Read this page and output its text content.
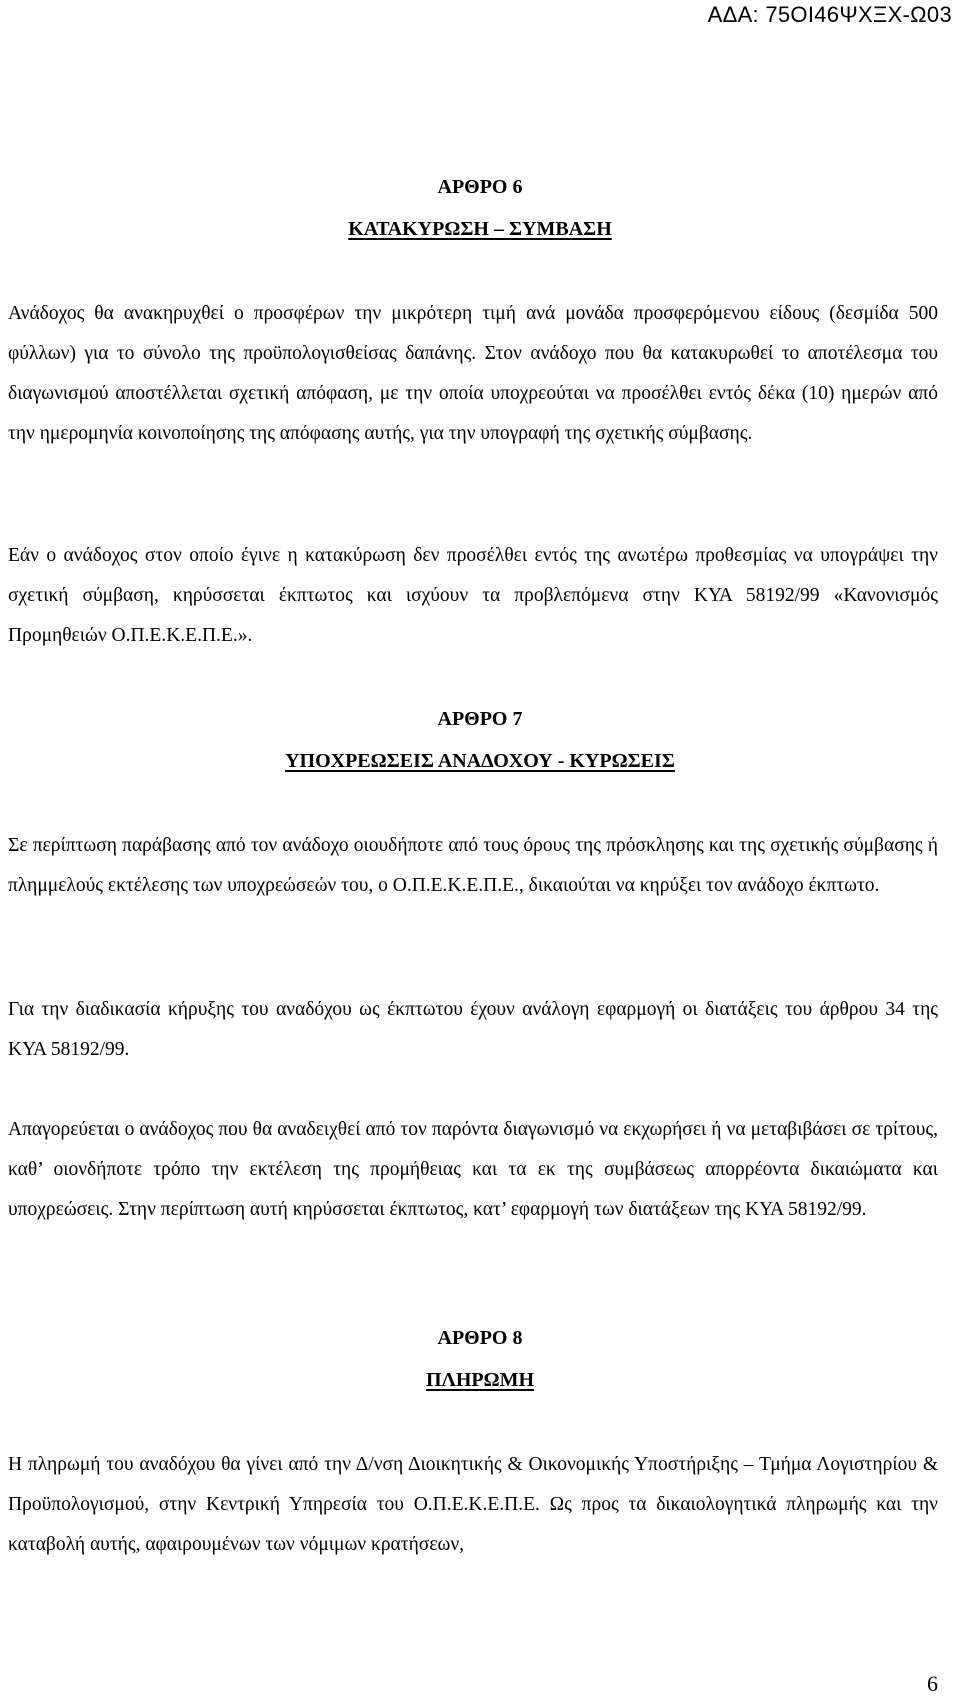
ΑΔΑ: 75ΟΙ46ΨΧΞΧ-Ω03
ΑΡΘΡΟ 6
ΚΑΤΑΚΥΡΩΣΗ – ΣΥΜΒΑΣΗ

Ανάδοχος θα ανακηρυχθεί ο προσφέρων την μικρότερη τιμή ανά μονάδα προσφερόμενου είδους (δεσμίδα 500 φύλλων) για το σύνολο της προϋπολογισθείσας δαπάνης. Στον ανάδοχο που θα κατακυρωθεί το αποτέλεσμα του διαγωνισμού αποστέλλεται σχετική απόφαση, με την οποία υποχρεούται να προσέλθει εντός δέκα (10) ημερών από την ημερομηνία κοινοποίησης της απόφασης αυτής, για την υπογραφή της σχετικής σύμβασης.

Εάν ο ανάδοχος στον οποίο έγινε η κατακύρωση δεν προσέλθει εντός της ανωτέρω προθεσμίας να υπογράψει την σχετική σύμβαση, κηρύσσεται έκπτωτος και ισχύουν τα προβλεπόμενα στην ΚΥΑ 58192/99 «Κανονισμός Προμηθειών Ο.Π.Ε.Κ.Ε.Π.Ε.».

ΑΡΘΡΟ 7
ΥΠΟΧΡΕΩΣΕΙΣ ΑΝΑΔΟΧΟΥ - ΚΥΡΩΣΕΙΣ

Σε περίπτωση παράβασης από τον ανάδοχο οιουδήποτε από τους όρους της πρόσκλησης και της σχετικής σύμβασης ή πλημμελούς εκτέλεσης των υποχρεώσεών του, ο Ο.Π.Ε.Κ.Ε.Π.Ε., δικαιούται να κηρύξει τον ανάδοχο έκπτωτο.

Για την διαδικασία κήρυξης του αναδόχου ως έκπτωτου έχουν ανάλογη εφαρμογή οι διατάξεις του άρθρου 34 της ΚΥΑ 58192/99.

Απαγορεύεται ο ανάδοχος που θα αναδειχθεί από τον παρόντα διαγωνισμό να εκχωρήσει ή να μεταβιβάσει σε τρίτους, καθ’ οιονδήποτε τρόπο την εκτέλεση της προμήθειας και τα εκ της συμβάσεως απορρέοντα δικαιώματα και υποχρεώσεις. Στην περίπτωση αυτή κηρύσσεται έκπτωτος, κατ’ εφαρμογή των διατάξεων της ΚΥΑ 58192/99.

ΑΡΘΡΟ 8
ΠΛΗΡΩΜΗ

Η πληρωμή του αναδόχου θα γίνει από την Δ/νση Διοικητικής & Οικονομικής Υποστήριξης – Τμήμα Λογιστηρίου & Προϋπολογισμού, στην Κεντρική Υπηρεσία του Ο.Π.Ε.Κ.Ε.Π.Ε. Ως προς τα δικαιολογητικά πληρωμής και την καταβολή αυτής, αφαιρουμένων των νόμιμων κρατήσεων,

6
